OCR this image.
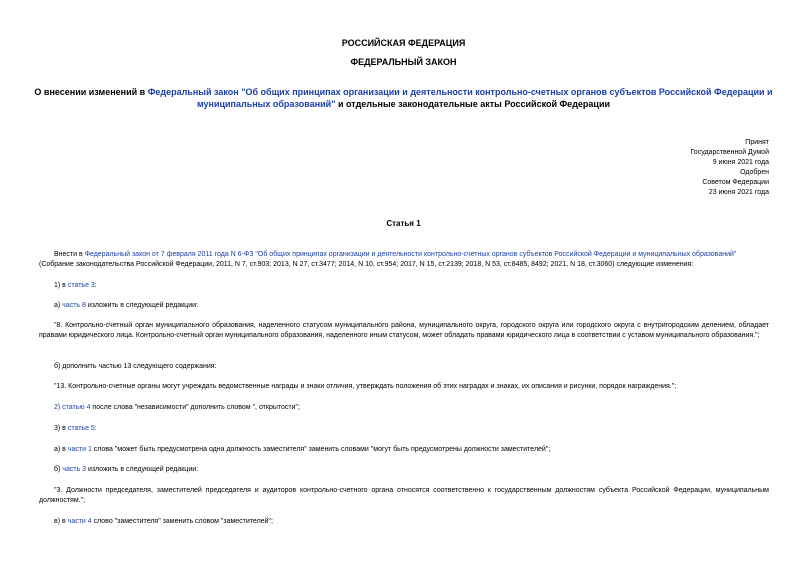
РОССИЙСКАЯ ФЕДЕРАЦИЯ
ФЕДЕРАЛЬНЫЙ ЗАКОН
О внесении изменений в Федеральный закон "Об общих принципах организации и деятельности контрольно-счетных органов субъектов Российской Федерации и
муниципальных образований" и отдельные законодательные акты Российской Федерации
Принят
Государственной Думой
9 июня 2021 года
Одобрен
Советом Федерации
23 июня 2021 года
Статья 1
Внести в Федеральный закон от 7 февраля 2011 года N 6-ФЗ "Об общих принципах организации и деятельности контрольно-счетных органов субъектов Российской Федерации и муниципальных образований" (Собрание законодательства Российской Федерации, 2011, N 7, ст.903; 2013, N 27, ст.3477; 2014, N 10, ст.954; 2017, N 15, ст.2139; 2018, N 53, ст.8485, 8492; 2021, N 18, ст.3060) следующие изменения:
1) в статье 3:
а) часть 8 изложить в следующей редакции:
"8. Контрольно-счетный орган муниципального образования, наделенного статусом муниципального района, муниципального округа, городского округа или городского округа с внутригородским делением, обладает правами юридического лица. Контрольно-счетный орган муниципального образования, наделенного иным статусом, может обладать правами юридического лица в соответствии с уставом муниципального образования.";
б) дополнить частью 13 следующего содержания:
"13. Контрольно-счетные органы могут учреждать ведомственные награды и знаки отличия, утверждать положения об этих наградах и знаках, их описания и рисунки, порядок награждения.";
2) статью 4 после слова "независимости" дополнить словом ", открытости";
3) в статье 5:
а) в части 1 слова "может быть предусмотрена одна должность заместителя" заменить словами "могут быть предусмотрены должности заместителей";
б) часть 3 изложить в следующей редакции:
"3. Должности председателя, заместителей председателя и аудиторов контрольно-счетного органа относятся соответственно к государственным должностям субъекта Российской Федерации, муниципальным должностям.";
в) в части 4 слово "заместителя" заменить словом "заместителей";
